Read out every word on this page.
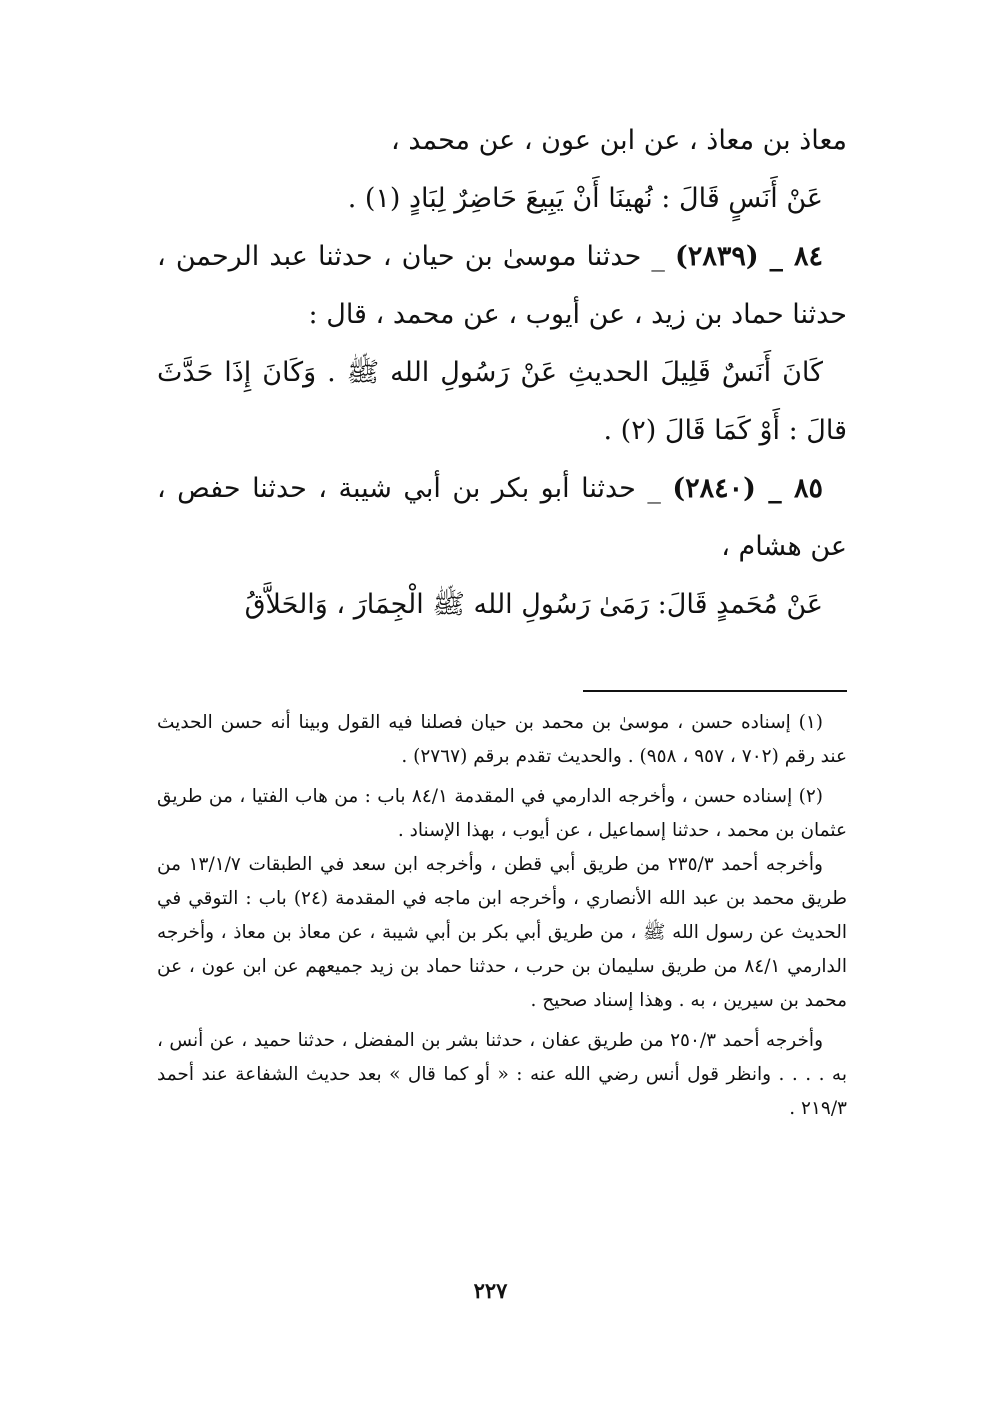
معاذ بن معاذ ، عن ابن عون ، عن محمد ،

عَنْ أَنَسٍ قَالَ : نُهينَا أَنْ يَبِيعَ حَاضِرٌ لِبَادٍ (١) .

٨٤ _ (٢٨٣٩) _ حدثنا موسىٰ بن حيان ، حدثنا عبد الرحمن ، حدثنا حماد بن زيد ، عن أيوب ، عن محمد ، قال :

كَانَ أَنَسٌ قَلِيلَ الحديثِ عَنْ رَسُولِ الله ﷺ . وَكَانَ إِذَا حَدَّثَ قالَ : أَوْ كَمَا قَالَ (٢) .

٨٥ _ (٢٨٤٠) _ حدثنا أبو بكر بن أبي شيبة ، حدثنا حفص ، عن هشام ،

عَنْ مُحَمدٍ قَالَ: رَمَىٰ رَسُولِ الله ﷺ الْجِمَارَ ، وَالحَلاَّقُ

(١) إسناده حسن ، موسىٰ بن محمد بن حيان فصلنا فيه القول وبينا أنه حسن الحديث عند رقم (٧٠٢ ، ٩٥٧ ، ٩٥٨) . والحديث تقدم برقم (٢٧٦٧) .

(٢) إسناده حسن ، وأخرجه الدارمي في المقدمة ٨٤/١ باب : من هاب الفتيا ، من طريق عثمان بن محمد ، حدثنا إسماعيل ، عن أيوب ، بهذا الإسناد .

وأخرجه أحمد ٢٣٥/٣ من طريق أبي قطن ، وأخرجه ابن سعد في الطبقات ١٣/١/٧ من طريق محمد بن عبد الله الأنصاري ، وأخرجه ابن ماجه في المقدمة (٢٤) باب : التوقي في الحديث عن رسول الله ﷺ ، من طريق أبي بكر بن أبي شيبة ، عن معاذ بن معاذ ، وأخرجه الدارمي ٨٤/١ من طريق سليمان بن حرب ، حدثنا حماد بن زيد جميعهم عن ابن عون ، عن محمد بن سيرين ، به . وهذا إسناد صحيح .

وأخرجه أحمد ٢٥٠/٣ من طريق عفان ، حدثنا بشر بن المفضل ، حدثنا حميد ، عن أنس ، به . . . . وانظر قول أنس رضي الله عنه : « أو كما قال » بعد حديث الشفاعة عند أحمد ٢١٩/٣ .

٢٢٧
